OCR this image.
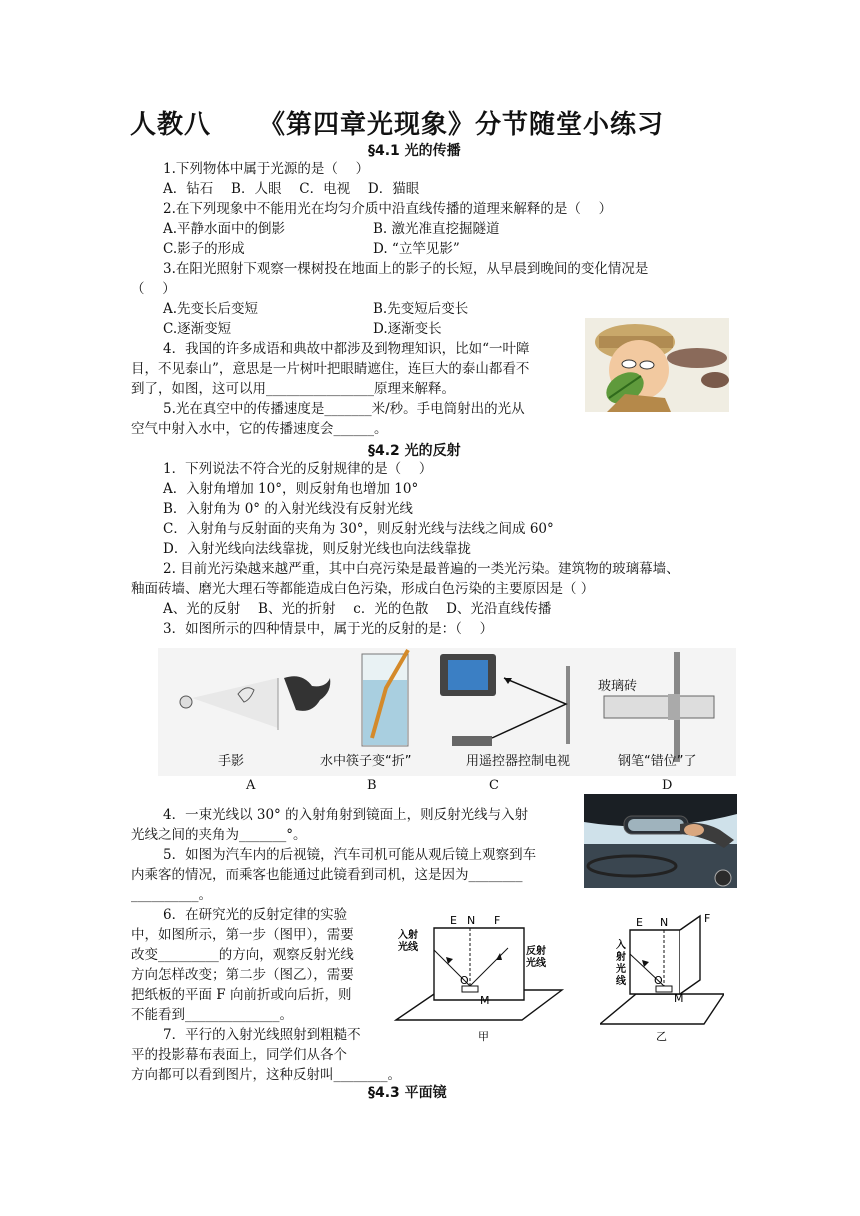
人教八 《第四章光现象》分节随堂小练习
§4.1 光的传播
1.下列物体中属于光源的是（　 ）
A．钻石　 B．人眼　 C．电视　 D．猫眼
2.在下列现象中不能用光在均匀介质中沿直线传播的道理来解释的是（　 ）
A.平静水面中的倒影	B. 激光准直挖掘隧道
C.影子的形成	D. “立竿见影”
3.在阳光照射下观察一棵树投在地面上的影子的长短，从早晨到晚间的变化情况是
（　 ）
A.先变长后变短	B.先变短后变长
C.逐渐变短	D.逐渐变长
4．我国的许多成语和典故中都涉及到物理知识，比如“一叶障
目，不见泰山”，意思是一片树叶把眼睛遮住，连巨大的泰山都看不
到了，如图，这可以用________________原理来解释。
5.光在真空中的传播速度是_______米/秒。手电筒射出的光从
空气中射入水中，它的传播速度会______。
§4.2 光的反射
1．下列说法不符合光的反射规律的是（　 ）
A．入射角增加 10°，则反射角也增加 10°
B．入射角为 0° 的入射光线没有反射光线
C．入射角与反射面的夹角为 30°，则反射光线与法线之间成 60°
D．入射光线向法线靠拢，则反射光线也向法线靠拢
2. 目前光污染越来越严重，其中白亮污染是最普遍的一类光污染。建筑物的玻璃幕墙、
釉面砖墙、磨光大理石等都能造成白色污染，形成白色污染的主要原因是（ ）
A、光的反射　 B、光的折射　 c．光的色散　 D、光沿直线传播
3．如图所示的四种情景中，属于光的反射的是：（　 ）
玻璃砖
手影	水中筷子变“折”	用遥控器控制电视	钢笔“错位”了
A	B	C	D
4．一束光线以 30° 的入射角射到镜面上，则反射光线与入射
光线之间的夹角为_______°。
5．如图为汽车内的后视镜，汽车司机可能从观后镜上观察到车
内乘客的情况，而乘客也能通过此镜看到司机，这是因为________
__________。
6．在研究光的反射定律的实验
中，如图所示，第一步（图甲），需要
改变_________的方向，观察反射光线
方向怎样改变；第二步（图乙），需要
把纸板的平面 F 向前折或向后折，则
不能看到______________。
7．平行的入射光线照射到粗糙不
平的投影幕布表面上，同学们从各个
方向都可以看到图片，这种反射叫________。
E N F
O
M
入射
光线	反射
光线
甲
E N	F
O
M
入
射
光
线
乙
§4.3 平面镜
